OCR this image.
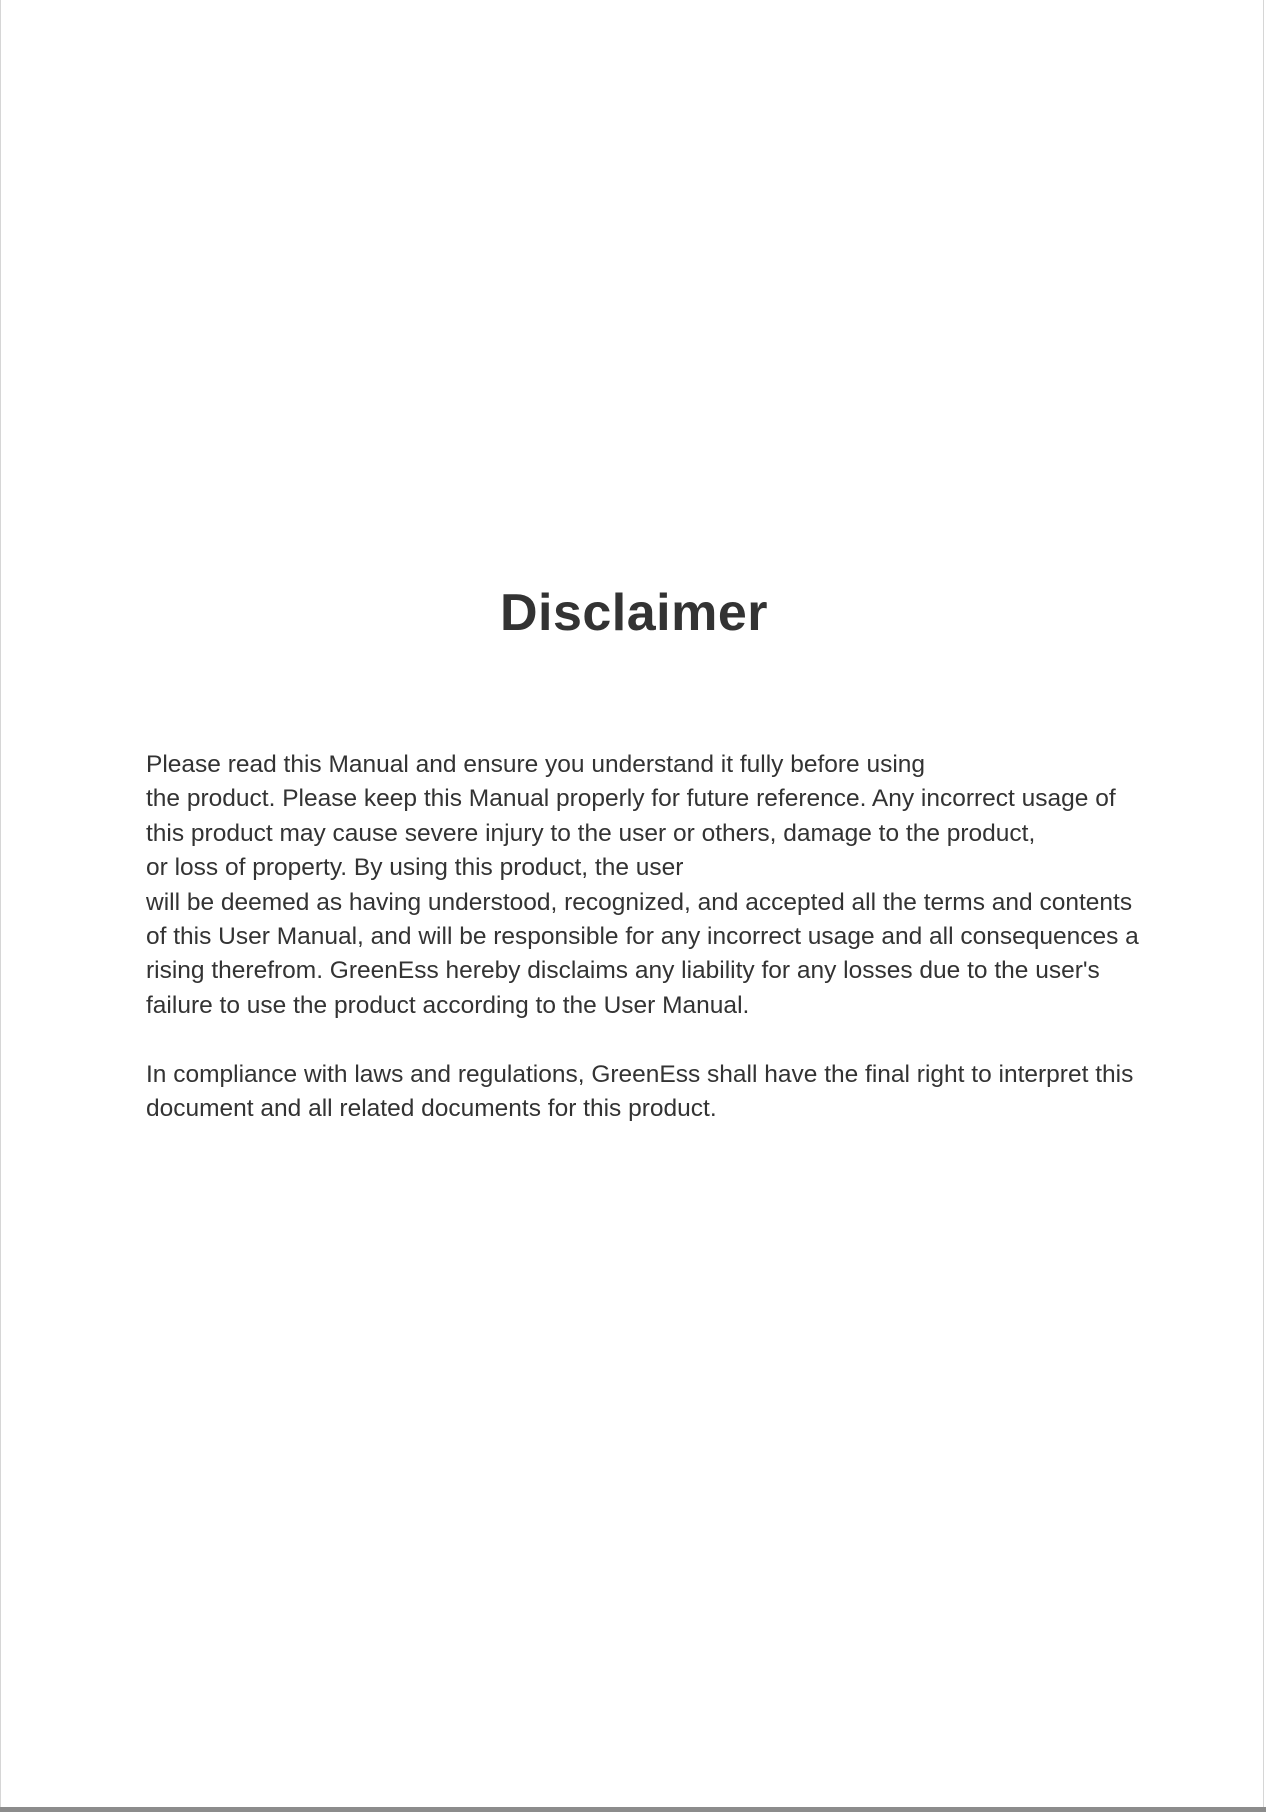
Disclaimer

Please read this Manual and ensure you understand it fully before using
the product. Please keep this Manual properly for future reference. Any incorrect usage of
this product may cause severe injury to the user or others, damage to the product,
or loss of property. By using this product, the user
will be deemed as having understood, recognized, and accepted all the terms and contents
of this User Manual, and will be responsible for any incorrect usage and all consequences a
rising therefrom. GreenEss hereby disclaims any liability for any losses due to the user's
failure to use the product according to the User Manual.

In compliance with laws and regulations, GreenEss shall have the final right to interpret this
document and all related documents for this product.
